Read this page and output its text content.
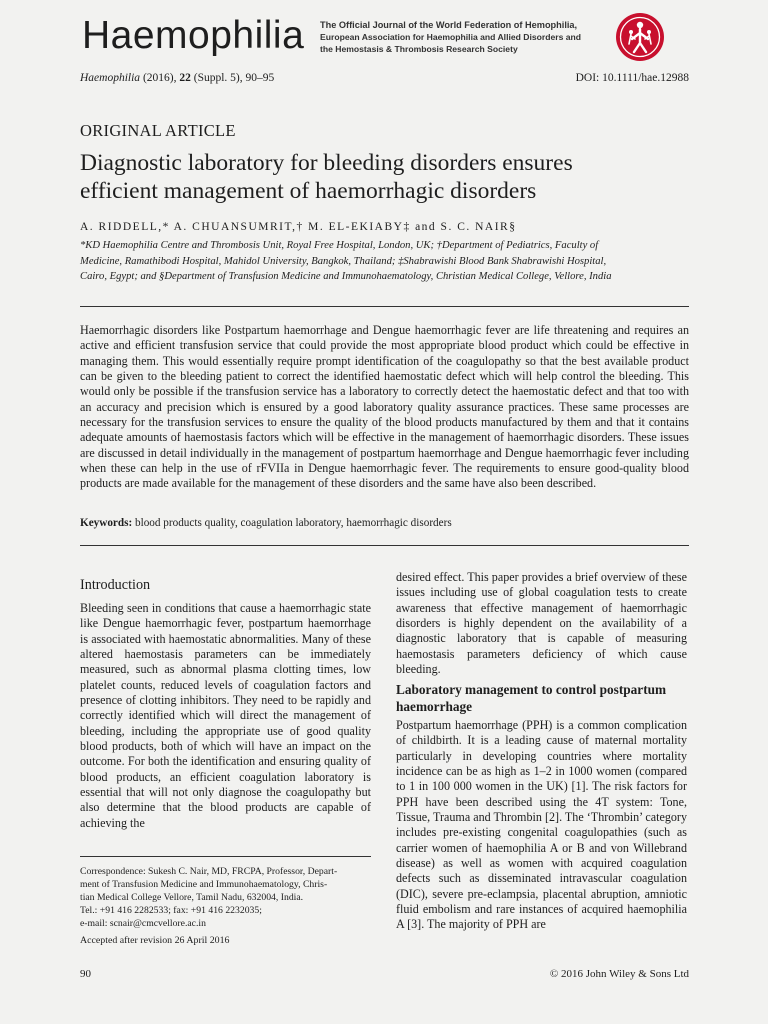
Haemophilia The Official Journal of the World Federation of Hemophilia,
European Association for Haemophilia and Allied Disorders and
the Hemostasis & Thrombosis Research Society
Haemophilia (2016), 22 (Suppl. 5), 90–95	DOI: 10.1111/hae.12988
ORIGINAL ARTICLE
Diagnostic laboratory for bleeding disorders ensures
efficient management of haemorrhagic disorders
A. RIDDELL,* A. CHUANSUMRIT,† M. EL-EKIABY‡ and S. C. NAIR§
*KD Haemophilia Centre and Thrombosis Unit, Royal Free Hospital, London, UK; †Department of Pediatrics, Faculty of
Medicine, Ramathibodi Hospital, Mahidol University, Bangkok, Thailand; ‡Shabrawishi Blood Bank Shabrawishi Hospital,
Cairo, Egypt; and §Department of Transfusion Medicine and Immunohaematology, Christian Medical College, Vellore, India
Haemorrhagic disorders like Postpartum haemorrhage and Dengue haemorrhagic fever are life threatening and requires an active and efficient transfusion service that could provide the most appropriate blood product which could be effective in managing them. This would essentially require prompt identification of the coagulopathy so that the best available product can be given to the bleeding patient to correct the identified haemostatic defect which will help control the bleeding. This would only be possible if the transfusion service has a laboratory to correctly detect the haemostatic defect and that too with an accuracy and precision which is ensured by a good laboratory quality assurance practices. These same processes are necessary for the transfusion services to ensure the quality of the blood products manufactured by them and that it contains adequate amounts of haemostasis factors which will be effective in the management of haemorrhagic disorders. These issues are discussed in detail individually in the management of postpartum haemorrhage and Dengue haemorrhagic fever including when these can help in the use of rFVIIa in Dengue haemorrhagic fever. The requirements to ensure good-quality blood products are made available for the management of these disorders and the same have also been described.
Keywords: blood products quality, coagulation laboratory, haemorrhagic disorders
Introduction
Bleeding seen in conditions that cause a haemorrhagic state like Dengue haemorrhagic fever, postpartum haemorrhage is associated with haemostatic abnormalities. Many of these altered haemostasis parameters can be immediately measured, such as abnormal plasma clotting times, low platelet counts, reduced levels of coagulation factors and presence of clotting inhibitors. They need to be rapidly and correctly identified which will direct the management of bleeding, including the appropriate use of good quality blood products, both of which will have an impact on the outcome. For both the identification and ensuring quality of blood products, an efficient coagulation laboratory is essential that will not only diagnose the coagulopathy but also determine that the blood products are capable of achieving the
Correspondence: Sukesh C. Nair, MD, FRCPA, Professor, Depart-
ment of Transfusion Medicine and Immunohaematology, Chris-
tian Medical College Vellore, Tamil Nadu, 632004, India.
Tel.: +91 416 2282533; fax: +91 416 2232035;
e-mail: scnair@cmcvellore.ac.in
Accepted after revision 26 April 2016
desired effect. This paper provides a brief overview of these issues including use of global coagulation tests to create awareness that effective management of haemorrhagic disorders is highly dependent on the availability of a diagnostic laboratory that is capable of measuring haemostasis parameters deficiency of which cause bleeding.
Laboratory management to control postpartum haemorrhage
Postpartum haemorrhage (PPH) is a common complication of childbirth. It is a leading cause of maternal mortality particularly in developing countries where mortality incidence can be as high as 1–2 in 1000 women (compared to 1 in 100 000 women in the UK) [1]. The risk factors for PPH have been described using the 4T system: Tone, Tissue, Trauma and Thrombin [2]. The ‘Thrombin’ category includes pre-existing congenital coagulopathies (such as carrier women of haemophilia A or B and von Willebrand disease) as well as women with acquired coagulation defects such as disseminated intravascular coagulation (DIC), severe pre-eclampsia, placental abruption, amniotic fluid embolism and rare instances of acquired haemophilia A [3]. The majority of PPH are
90	© 2016 John Wiley & Sons Ltd
